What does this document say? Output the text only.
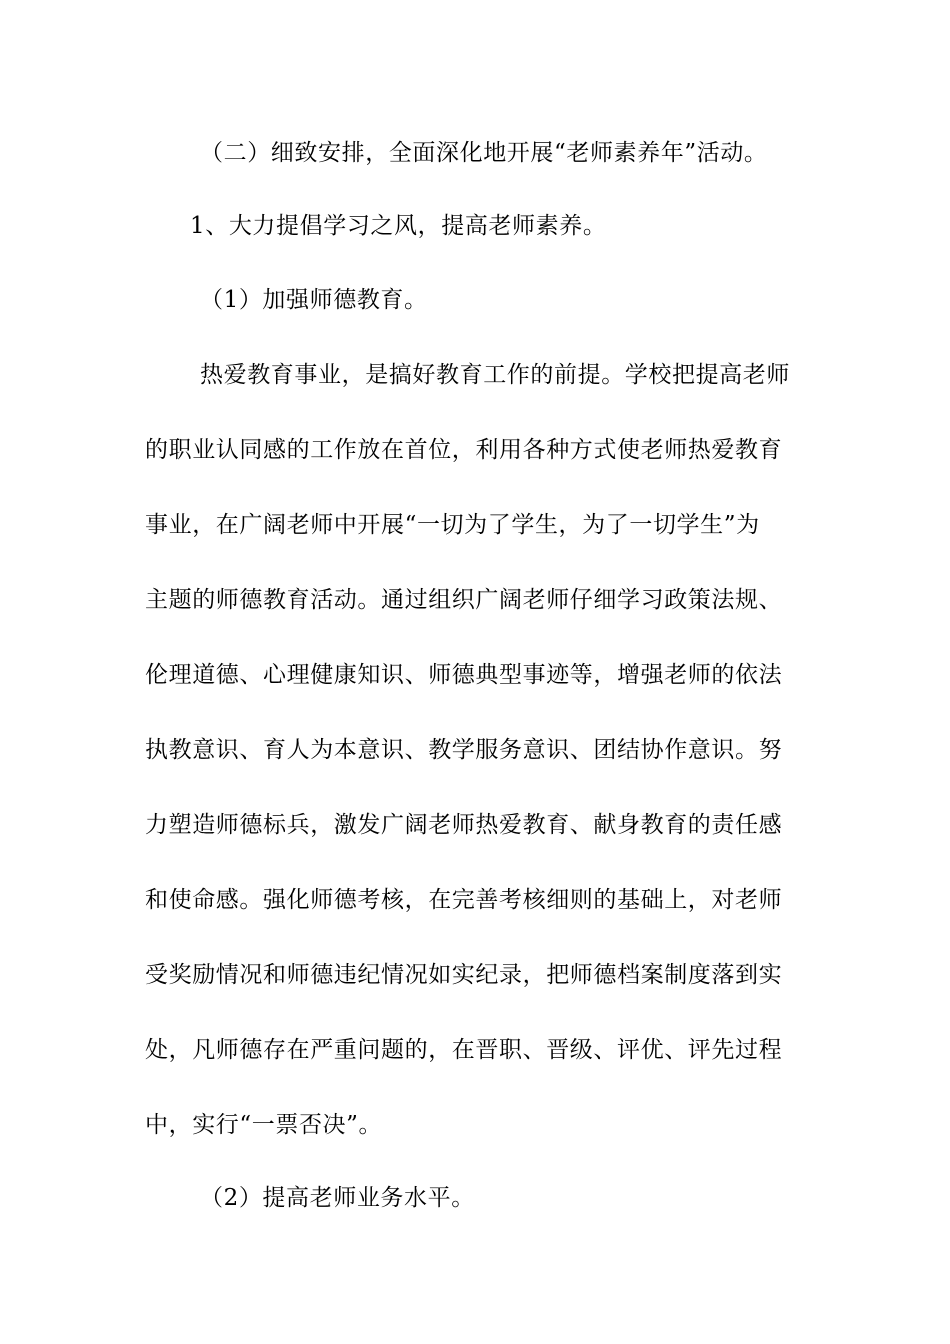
（二）细致安排，全面深化地开展“老师素养年”活动。
1、大力提倡学习之风，提高老师素养。
（1）加强师德教育。
热爱教育事业，是搞好教育工作的前提。学校把提高老师
的职业认同感的工作放在首位，利用各种方式使老师热爱教育
事业，在广阔老师中开展“一切为了学生，为了一切学生”为
主题的师德教育活动。通过组织广阔老师仔细学习政策法规、
伦理道德、心理健康知识、师德典型事迹等，增强老师的依法
执教意识、育人为本意识、教学服务意识、团结协作意识。努
力塑造师德标兵，激发广阔老师热爱教育、献身教育的责任感
和使命感。强化师德考核，在完善考核细则的基础上，对老师
受奖励情况和师德违纪情况如实纪录，把师德档案制度落到实
处，凡师德存在严重问题的，在晋职、晋级、评优、评先过程
中，实行“一票否决”。
（2）提高老师业务水平。
